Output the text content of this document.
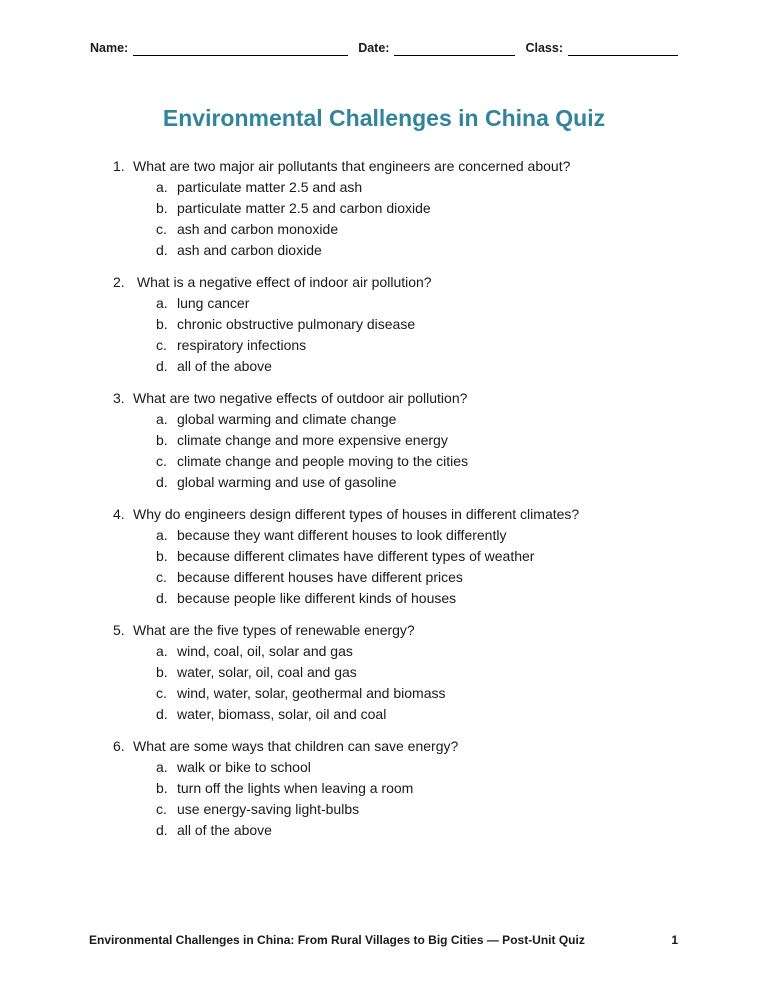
Name:	Date:	Class:
Environmental Challenges in China Quiz
1. What are two major air pollutants that engineers are concerned about?
a. particulate matter 2.5 and ash
b. particulate matter 2.5 and carbon dioxide
c. ash and carbon monoxide
d. ash and carbon dioxide
2. What is a negative effect of indoor air pollution?
a. lung cancer
b. chronic obstructive pulmonary disease
c. respiratory infections
d. all of the above
3. What are two negative effects of outdoor air pollution?
a. global warming and climate change
b. climate change and more expensive energy
c. climate change and people moving to the cities
d. global warming and use of gasoline
4. Why do engineers design different types of houses in different climates?
a. because they want different houses to look differently
b. because different climates have different types of weather
c. because different houses have different prices
d. because people like different kinds of houses
5. What are the five types of renewable energy?
a. wind, coal, oil, solar and gas
b. water, solar, oil, coal and gas
c. wind, water, solar, geothermal and biomass
d. water, biomass, solar, oil and coal
6. What are some ways that children can save energy?
a. walk or bike to school
b. turn off the lights when leaving a room
c. use energy-saving light-bulbs
d. all of the above
Environmental Challenges in China: From Rural Villages to Big Cities — Post-Unit Quiz	1
